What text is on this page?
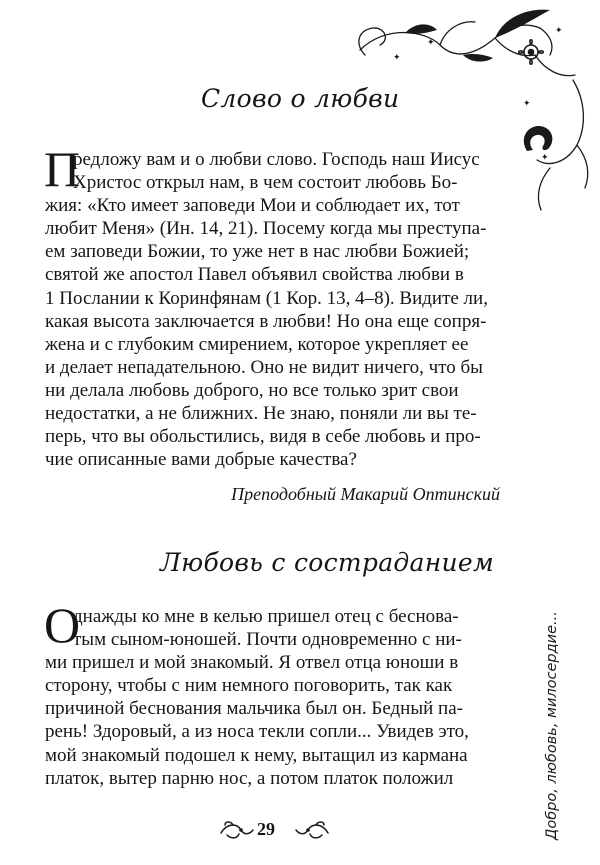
✦
✦
✦
✦
✦
Слово о любви
П
редложу вам и о любви слово. Господь наш Иисус
Христос открыл нам, в чем состоит любовь Бо-
жия: «Кто имеет заповеди Мои и соблюдает их, тот
любит Меня» (Ин. 14, 21). Посему когда мы преступа-
ем заповеди Божии, то уже нет в нас любви Божией;
святой же апостол Павел объявил свойства любви в
1 Послании к Коринфянам (1 Кор. 13, 4–8). Видите ли,
какая высота заключается в любви! Но она еще сопря-
жена и с глубоким смирением, которое укрепляет ее
и делает непадательною. Оно не видит ничего, что бы
ни делала любовь доброго, но все только зрит свои
недостатки, а не ближних. Не знаю, поняли ли вы те-
перь, что вы обольстились, видя в себе любовь и про-
чие описанные вами добрые качества?

Преподобный Макарий Оптинский

Любовь с состраданием
О
днажды ко мне в келью пришел отец с беснова-
тым сыном-юношей. Почти одновременно с ни-
ми пришел и мой знакомый. Я отвел отца юноши в
сторону, чтобы с ним немного поговорить, так как
причиной беснования мальчика был он. Бедный па-
рень! Здоровый, а из носа текли сопли... Увидев это,
мой знакомый подошел к нему, вытащил из кармана
платок, вытер парню нос, а потом платок положил	Добро, любовь, милосердие...

29
